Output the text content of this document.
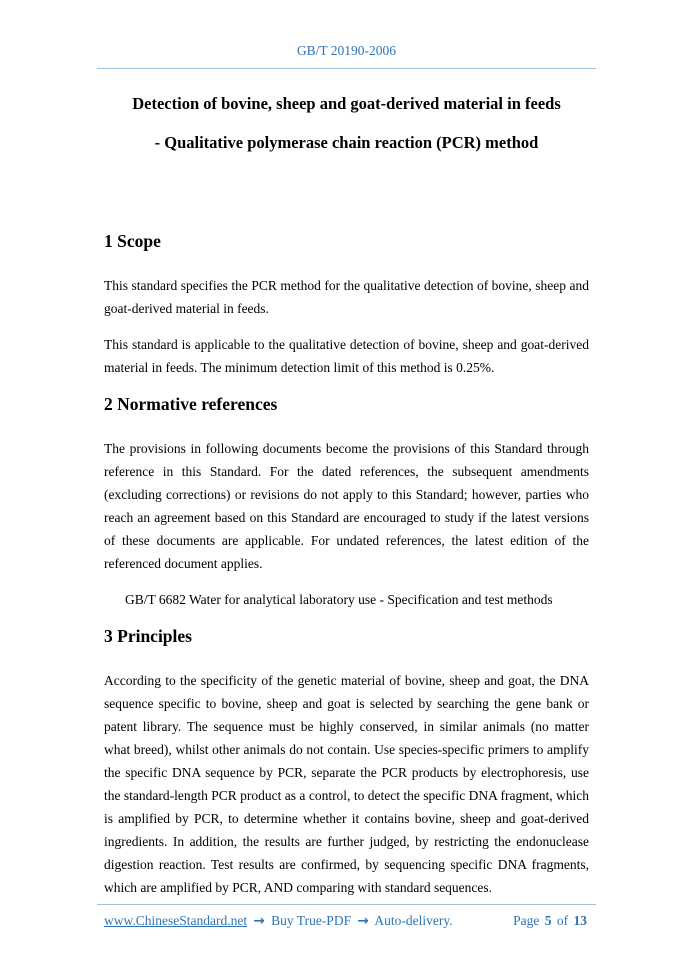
GB/T 20190-2006
Detection of bovine, sheep and goat-derived material in feeds
- Qualitative polymerase chain reaction (PCR) method
1 Scope

This standard specifies the PCR method for the qualitative detection of bovine, sheep and goat-derived material in feeds.

This standard is applicable to the qualitative detection of bovine, sheep and goat-derived material in feeds. The minimum detection limit of this method is 0.25%.

2 Normative references

The provisions in following documents become the provisions of this Standard through reference in this Standard. For the dated references, the subsequent amendments (excluding corrections) or revisions do not apply to this Standard; however, parties who reach an agreement based on this Standard are encouraged to study if the latest versions of these documents are applicable. For undated references, the latest edition of the referenced document applies.

GB/T 6682 Water for analytical laboratory use - Specification and test methods

3 Principles

According to the specificity of the genetic material of bovine, sheep and goat, the DNA sequence specific to bovine, sheep and goat is selected by searching the gene bank or patent library. The sequence must be highly conserved, in similar animals (no matter what breed), whilst other animals do not contain. Use species-specific primers to amplify the specific DNA sequence by PCR, separate the PCR products by electrophoresis, use the standard-length PCR product as a control, to detect the specific DNA fragment, which is amplified by PCR, to determine whether it contains bovine, sheep and goat-derived ingredients. In addition, the results are further judged, by restricting the endonuclease digestion reaction. Test results are confirmed, by sequencing specific DNA fragments, which are amplified by PCR, AND comparing with standard sequences.

www.ChineseStandard.net → Buy True-PDF → Auto-delivery.	Page 5 of 13
